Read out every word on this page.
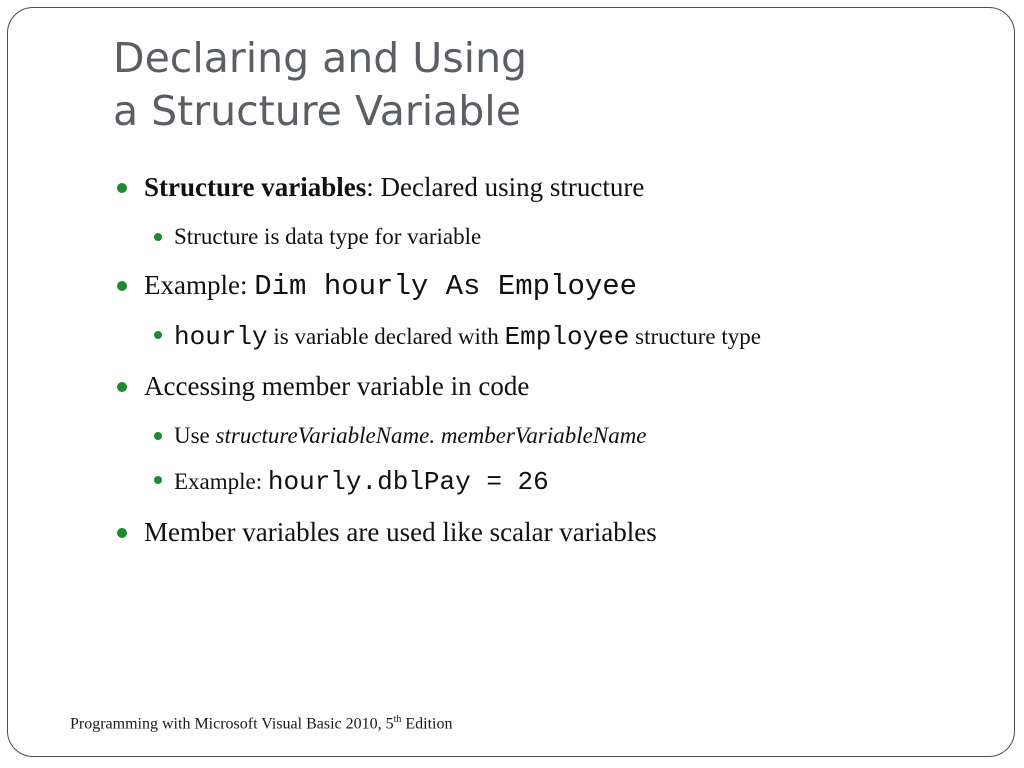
Declaring and Using
a Structure Variable
Structure variables: Declared using structure
Structure is data type for variable
Example: Dim hourly As Employee
hourly is variable declared with Employee structure type
Accessing member variable in code
Use structureVariableName. memberVariableName
Example: hourly.dblPay = 26
Member variables are used like scalar variables
Programming with Microsoft Visual Basic 2010, 5th Edition
